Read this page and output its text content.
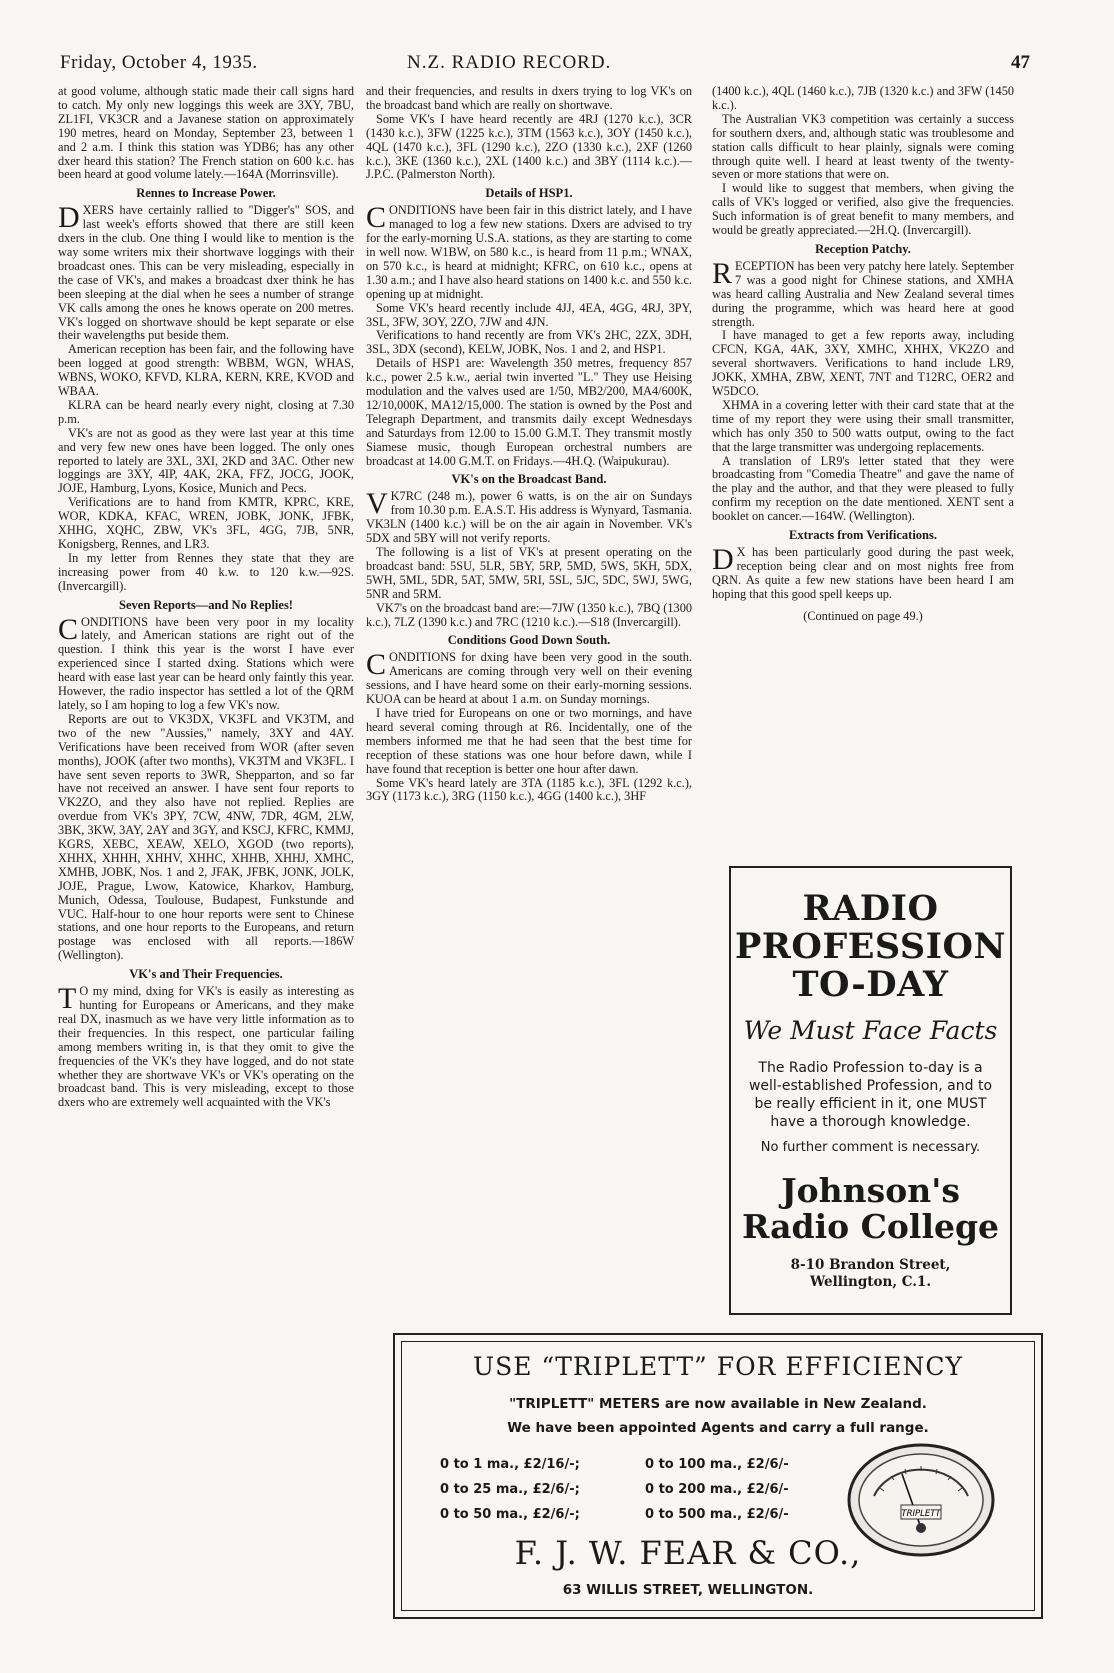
Friday, October 4, 1935.	N.Z. RADIO RECORD.	47

at good volume, although static made their call signs hard to catch. My only new loggings this week are 3XY, 7BU, ZL1FI, VK3CR and a Javanese station on approximately 190 metres, heard on Monday, September 23, between 1 and 2 a.m. I think this station was YDB6; has any other dxer heard this station? The French station on 600 k.c. has been heard at good volume lately.—164A (Morrinsville).

Rennes to Increase Power.

DXERS have certainly rallied to "Digger's" SOS, and last week's efforts showed that there are still keen dxers in the club. One thing I would like to mention is the way some writers mix their shortwave loggings with their broadcast ones. This can be very misleading, especially in the case of VK's, and makes a broadcast dxer think he has been sleeping at the dial when he sees a number of strange VK calls among the ones he knows operate on 200 metres. VK's logged on shortwave should be kept separate or else their wavelengths put beside them.

American reception has been fair, and the following have been logged at good strength: WBBM, WGN, WHAS, WBNS, WOKO, KFVD, KLRA, KERN, KRE, KVOD and WBAA.

KLRA can be heard nearly every night, closing at 7.30 p.m.

VK's are not as good as they were last year at this time and very few new ones have been logged. The only ones reported to lately are 3XL, 3XI, 2KD and 3AC. Other new loggings are 3XY, 4IP, 4AK, 2KA, FFZ, JOCG, JOOK, JOJE, Hamburg, Lyons, Kosice, Munich and Pecs.

Verifications are to hand from KMTR, KPRC, KRE, WOR, KDKA, KFAC, WREN, JOBK, JONK, JFBK, XHHG, XQHC, ZBW, VK's 3FL, 4GG, 7JB, 5NR, Konigsberg, Rennes, and LR3.

In my letter from Rennes they state that they are increasing power from 40 k.w. to 120 k.w.—92S. (Invercargill).

Seven Reports—and No Replies!

CONDITIONS have been very poor in my locality lately, and American stations are right out of the question. I think this year is the worst I have ever experienced since I started dxing. Stations which were heard with ease last year can be heard only faintly this year. However, the radio inspector has settled a lot of the QRM lately, so I am hoping to log a few VK's now.

Reports are out to VK3DX, VK3FL and VK3TM, and two of the new "Aussies," namely, 3XY and 4AY. Verifications have been received from WOR (after seven months), JOOK (after two months), VK3TM and VK3FL. I have sent seven reports to 3WR, Shepparton, and so far have not received an answer. I have sent four reports to VK2ZO, and they also have not replied. Replies are overdue from VK's 3PY, 7CW, 4NW, 7DR, 4GM, 2LW, 3BK, 3KW, 3AY, 2AY and 3GY, and KSCJ, KFRC, KMMJ, KGRS, XEBC, XEAW, XELO, XGOD (two reports), XHHX, XHHH, XHHV, XHHC, XHHB, XHHJ, XMHC, XMHB, JOBK, Nos. 1 and 2, JFAK, JFBK, JONK, JOLK, JOJE, Prague, Lwow, Katowice, Kharkov, Hamburg, Munich, Odessa, Toulouse, Budapest, Funkstunde and VUC. Half-hour to one hour reports were sent to Chinese stations, and one hour reports to the Europeans, and return postage was enclosed with all reports.—186W (Wellington).

VK's and Their Frequencies.

T O my mind, dxing for VK's is easily as interesting as hunting for Europeans or Americans, and they make real DX, inasmuch as we have very little information as to their frequencies. In this respect, one particular failing among members writing in, is that they omit to give the frequencies of the VK's they have logged, and do not state whether they are shortwave VK's or VK's operating on the broadcast band. This is very misleading, except to those dxers who are extremely well acquainted with the VK's

and their frequencies, and results in dxers trying to log VK's on the broadcast band which are really on shortwave.

Some VK's I have heard recently are 4RJ (1270 k.c.), 3CR (1430 k.c.), 3FW (1225 k.c.), 3TM (1563 k.c.), 3OY (1450 k.c.), 4QL (1470 k.c.), 3FL (1290 k.c.), 2ZO (1330 k.c.), 2XF (1260 k.c.), 3KE (1360 k.c.), 2XL (1400 k.c.) and 3BY (1114 k.c.).—J.P.C. (Palmerston North).

Details of HSP1.

CONDITIONS have been fair in this district lately, and I have managed to log a few new stations. Dxers are advised to try for the early-morning U.S.A. stations, as they are starting to come in well now. W1BW, on 580 k.c., is heard from 11 p.m.; WNAX, on 570 k.c., is heard at midnight; KFRC, on 610 k.c., opens at 1.30 a.m.; and I have also heard stations on 1400 k.c. and 550 k.c. opening up at midnight.

Some VK's heard recently include 4JJ, 4EA, 4GG, 4RJ, 3PY, 3SL, 3FW, 3OY, 2ZO, 7JW and 4JN.

Verifications to hand recently are from VK's 2HC, 2ZX, 3DH, 3SL, 3DX (second), KELW, JOBK, Nos. 1 and 2, and HSP1.

Details of HSP1 are: Wavelength 350 metres, frequency 857 k.c., power 2.5 k.w., aerial twin inverted "L." They use Heising modulation and the valves used are 1/50, MB2/200, MA4/600K, 12/10,000K, MA12/15,000. The station is owned by the Post and Telegraph Department, and transmits daily except Wednesdays and Saturdays from 12.00 to 15.00 G.M.T. They transmit mostly Siamese music, though European orchestral numbers are broadcast at 14.00 G.M.T. on Fridays.—4H.Q. (Waipukurau).

VK's on the Broadcast Band.

V K7RC (248 m.), power 6 watts, is on the air on Sundays from 10.30 p.m. E.A.S.T. His address is Wynyard, Tasmania. VK3LN (1400 k.c.) will be on the air again in November. VK's 5DX and 5BY will not verify reports.

The following is a list of VK's at present operating on the broadcast band: 5SU, 5LR, 5BY, 5RP, 5MD, 5WS, 5KH, 5DX, 5WH, 5ML, 5DR, 5AT, 5MW, 5RI, 5SL, 5JC, 5DC, 5WJ, 5WG, 5NR and 5RM.

VK7's on the broadcast band are:—7JW (1350 k.c.), 7BQ (1300 k.c.), 7LZ (1390 k.c.) and 7RC (1210 k.c.).—S18 (Invercargill).

Conditions Good Down South.

CONDITIONS for dxing have been very good in the south. Americans are coming through very well on their evening sessions, and I have heard some on their early-morning sessions. KUOA can be heard at about 1 a.m. on Sunday mornings.

I have tried for Europeans on one or two mornings, and have heard several coming through at R6. Incidentally, one of the members informed me that he had seen that the best time for reception of these stations was one hour before dawn, while I have found that reception is better one hour after dawn.

Some VK's heard lately are 3TA (1185 k.c.), 3FL (1292 k.c.), 3GY (1173 k.c.), 3RG (1150 k.c.), 4GG (1400 k.c.), 3HF

(1400 k.c.), 4QL (1460 k.c.), 7JB (1320 k.c.) and 3FW (1450 k.c.).

The Australian VK3 competition was certainly a success for southern dxers, and, although static was troublesome and station calls difficult to hear plainly, signals were coming through quite well. I heard at least twenty of the twenty-seven or more stations that were on.

I would like to suggest that members, when giving the calls of VK's logged or verified, also give the frequencies. Such information is of great benefit to many members, and would be greatly appreciated.—2H.Q. (Invercargill).

Reception Patchy.

RECEPTION has been very patchy here lately. September 7 was a good night for Chinese stations, and XMHA was heard calling Australia and New Zealand several times during the programme, which was heard here at good strength.

I have managed to get a few reports away, including CFCN, KGA, 4AK, 3XY, XMHC, XHHX, VK2ZO and several shortwavers. Verifications to hand include LR9, JOKK, XMHA, ZBW, XENT, 7NT and T12RC, OER2 and W5DCO.

XHMA in a covering letter with their card state that at the time of my report they were using their small transmitter, which has only 350 to 500 watts output, owing to the fact that the large transmitter was undergoing replacements.

A translation of LR9's letter stated that they were broadcasting from "Comedia Theatre" and gave the name of the play and the author, and that they were pleased to fully confirm my reception on the date mentioned. XENT sent a booklet on cancer.—164W. (Wellington).

Extracts from Verifications.

D X has been particularly good during the past week, reception being clear and on most nights free from QRN. As quite a few new stations have been heard I am hoping that this good spell keeps up.

(Continued on page 49.)

RADIO
PROFESSION
TO-DAY
We Must Face Facts
The Radio Profession to-day is a well-established Profession, and to be really efficient in it, one MUST have a thorough knowledge.
No further comment is necessary.
Johnson's
Radio College
8-10 Brandon Street,
Wellington, C.1.
USE “TRIPLETT” FOR EFFICIENCY
"TRIPLETT" METERS are now available in New Zealand.
We have been appointed Agents and carry a full range.
0 to 1 ma., £2/16/-;	0 to 100 ma., £2/6/-
0 to 25 ma., £2/6/-;	0 to 200 ma., £2/6/-
0 to 50 ma., £2/6/-;	0 to 500 ma., £2/6/-	TRIPLETT
F. J. W. FEAR & CO.,
63 WILLIS STREET, WELLINGTON.
